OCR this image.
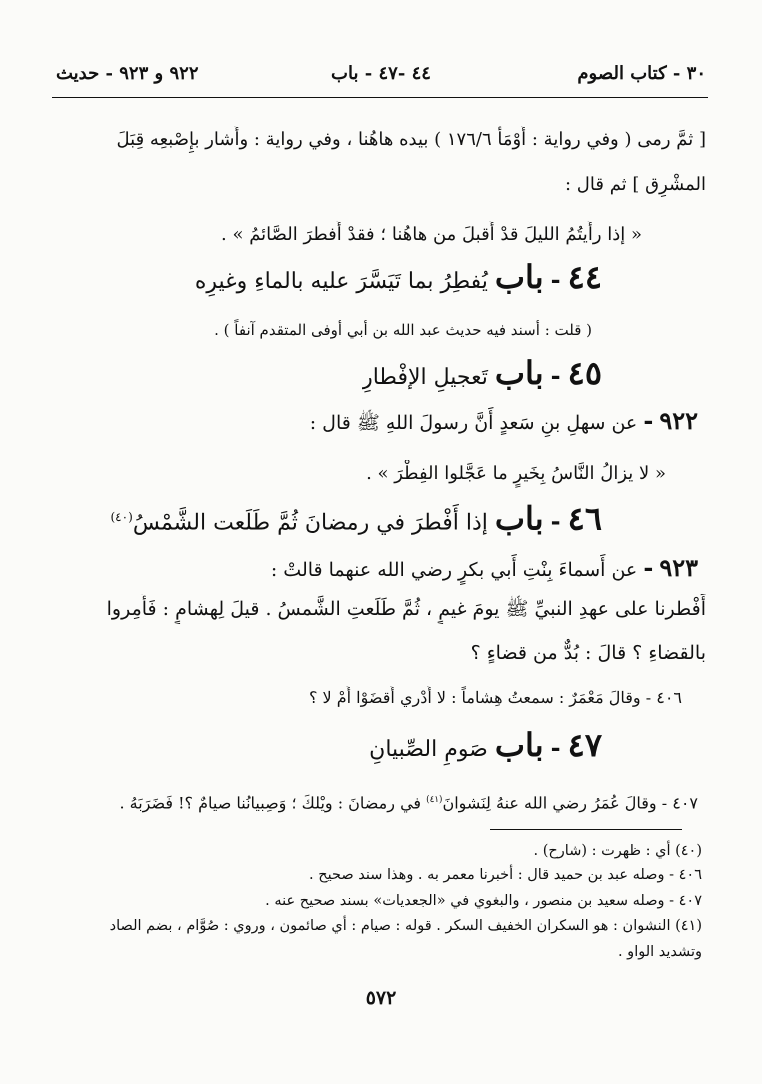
٣٠ - كتاب الصوم
٤٤ -٤٧ - باب
٩٢٢ و ٩٢٣ - حديث
[ ثمَّ رمى ( وفي رواية : أَوْمَأَ ١٧٦/٦ ) بيده هاهُنا ، وفي رواية : وأَشار بإِصْبعِه قِبَلَ
المشْرِق ] ثم قال :
« إذا رأَيتُمُ الليلَ قدْ أَقبلَ من هاهُنا ؛ فقدْ أَفطرَ الصَّائمُ » .
٤٤ - باب يُفطِرُ بما تَيَسَّرَ عليه بالماءِ وغيرِه
( قلت : أسند فيه حديث عبد الله بن أبي أوفى المتقدم آنفاً ) .
٤٥ - باب تَعجيلِ الإفْطارِ
٩٢٢ - عن سهلِ بنِ سَعدٍ أَنَّ رسولَ اللهِ ﷺ قال :
« لا يزالُ النَّاسُ بِخَيرٍ ما عَجَّلوا الفِطْرَ » .
٤٦ - باب إذا أَفْطرَ في رمضانَ ثُمَّ طَلَعت الشَّمْسُ$^{(٤٠)}$
٩٢٣ - عن أَسماءَ بِنْتِ أَبي بكرٍ رضي الله عنهما قالتْ :
أَفْطرنا على عهدِ النبيِّ ﷺ يومَ غيمٍ ، ثُمَّ طَلَعتِ الشَّمسُ . قيلَ لِهشامٍ : فَأُمِروا
بالقضاءِ ؟ قالَ : بُدٌّ من قضاءٍ ؟
٤٠٦ - وقالَ مَعْمَرٌ : سمعتُ هِشاماً : لا أَدْري أَقضَوْا أَمْ لا ؟
٤٧ - باب صَومِ الصِّبيانِ
٤٠٧ - وقالَ عُمَرُ رضي الله عنهُ لِنَشوانَ$^{(٤١)}$ في رمضانَ : ويْلكَ ؛ وَصِبيانُنا صيامٌ ؟! فَضَرَبَهُ .
(٤٠) أي : ظهرت : (شارح) .
٤٠٦ - وصله عبد بن حميد قال : أخبرنا معمر به . وهذا سند صحيح .
٤٠٧ - وصله سعيد بن منصور ، والبغوي في «الجعديات» بسند صحيح عنه .
(٤١) النشوان : هو السكران الخفيف السكر . قوله : صيام : أي صائمون ، وروي : صُوَّام ، بضم الصاد
وتشديد الواو .
٥٧٢
